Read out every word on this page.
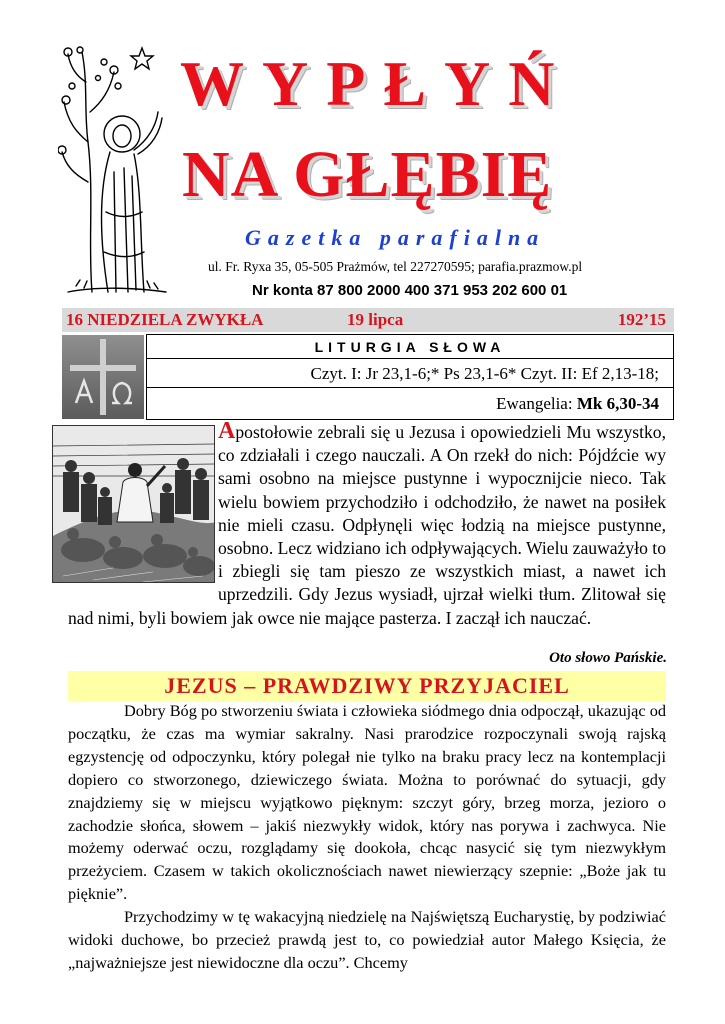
WYPŁYŃ
NA GŁĘBIĘ
Gazetka parafialna
ul. Fr. Ryxa 35, 05-505 Prażmów, tel 227270595; parafia.prazmow.pl
Nr konta 87 800 2000 400 371 953 202 600 01
16 NIEDZIELA ZWYKŁA	19 lipca	192’15
LITURGIA SŁOWA
Czyt. I: Jr 23,1-6;* Ps 23,1-6* Czyt. II: Ef 2,13-18;
Ewangelia: Mk 6,30-34
Apostołowie zebrali się u Jezusa i opowiedzieli Mu wszystko, co zdziałali i czego nauczali. A On rzekł do nich: Pójdźcie wy sami osobno na miejsce pustynne i wypocznijcie nieco. Tak wielu bowiem przychodziło i odchodziło, że nawet na posiłek nie mieli czasu. Odpłynęli więc łodzią na miejsce pustynne, osobno. Lecz widziano ich odpływających. Wielu zauważyło to i zbiegli się tam pieszo ze wszystkich miast, a nawet ich uprzedzili. Gdy Jezus wysiadł, ujrzał wielki tłum. Zlitował się nad nimi, byli bowiem jak owce nie mające pasterza. I zaczął ich nauczać.
Oto słowo Pańskie.
JEZUS – PRAWDZIWY PRZYJACIEL

Dobry Bóg po stworzeniu świata i człowieka siódmego dnia odpoczął, ukazując od początku, że czas ma wymiar sakralny. Nasi prarodzice rozpoczynali swoją rajską egzystencję od odpoczynku, który polegał nie tylko na braku pracy lecz na kontemplacji dopiero co stworzonego, dziewiczego świata. Można to porównać do sytuacji, gdy znajdziemy się w miejscu wyjątkowo pięknym: szczyt góry, brzeg morza, jezioro o zachodzie słońca, słowem – jakiś niezwykły widok, który nas porywa i zachwyca. Nie możemy oderwać oczu, rozglądamy się dookoła, chcąc nasycić się tym niezwykłym przeżyciem. Czasem w takich okolicznościach nawet niewierzący szepnie: „Boże jak tu pięknie”.

Przychodzimy w tę wakacyjną niedzielę na Najświętszą Eucharystię, by podziwiać widoki duchowe, bo przecież prawdą jest to, co powiedział autor Małego Księcia, że „najważniejsze jest niewidoczne dla oczu”. Chcemy
